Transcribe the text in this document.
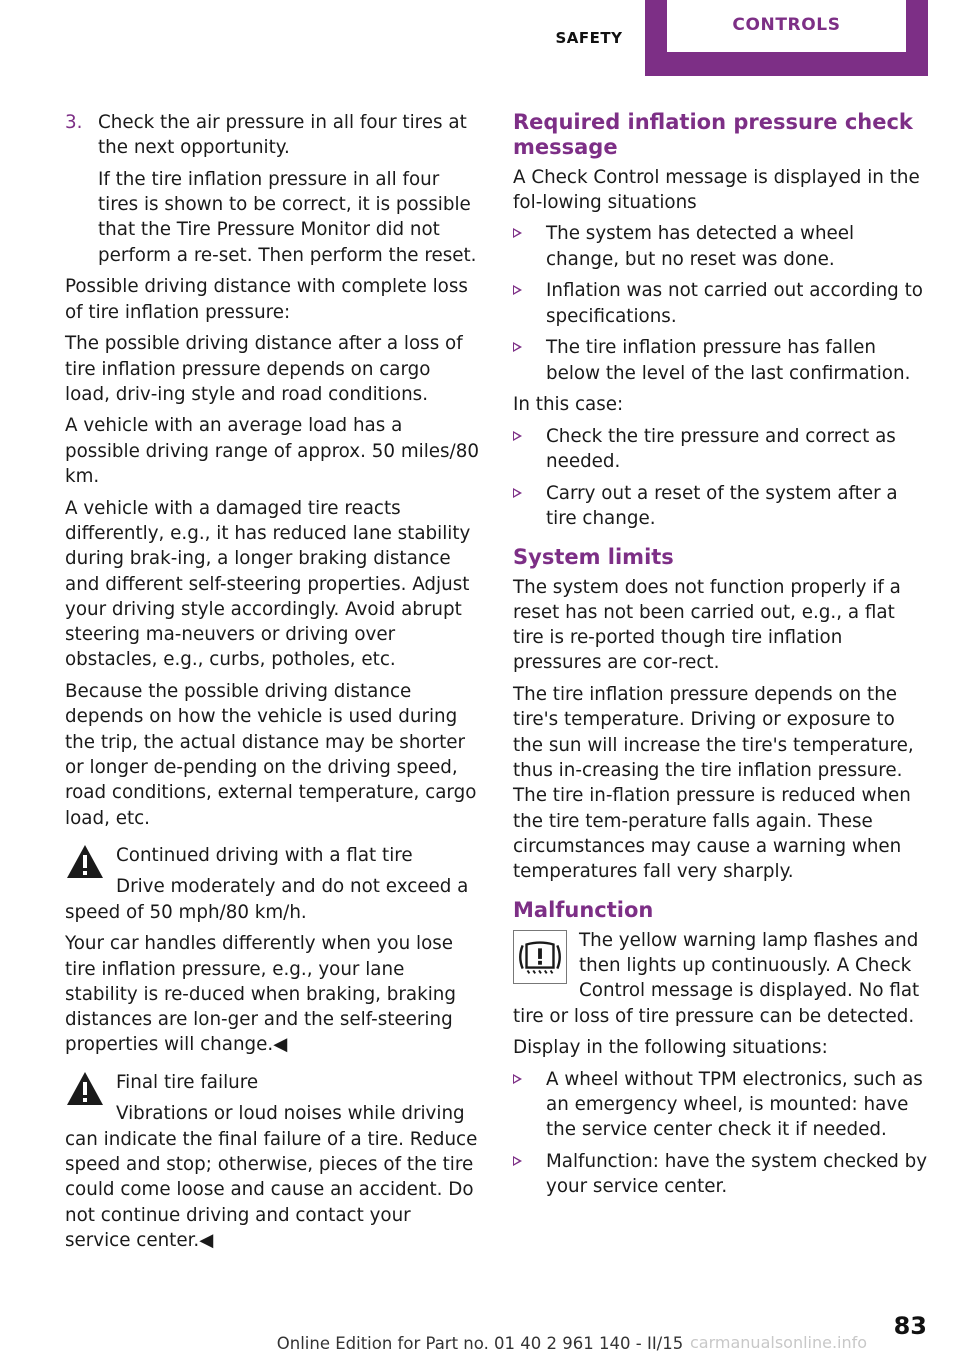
SAFETY
CONTROLS
3. Check the air pressure in all four tires at the next opportunity.

If the tire inflation pressure in all four tires is shown to be correct, it is possible that the Tire Pressure Monitor did not perform a re‐set. Then perform the reset.

Possible driving distance with complete loss of tire inflation pressure:

The possible driving distance after a loss of tire inflation pressure depends on cargo load, driv‐ing style and road conditions.

A vehicle with an average load has a possible driving range of approx. 50 miles/80 km.

A vehicle with a damaged tire reacts differently, e.g., it has reduced lane stability during brak‐ing, a longer braking distance and different self-steering properties. Adjust your driving style accordingly. Avoid abrupt steering ma‐neuvers or driving over obstacles, e.g., curbs, potholes, etc.

Because the possible driving distance depends on how the vehicle is used during the trip, the actual distance may be shorter or longer de‐pending on the driving speed, road conditions, external temperature, cargo load, etc.

Continued driving with a flat tire

Drive moderately and do not exceed a speed of 50 mph/80 km/h.

Your car handles differently when you lose tire inflation pressure, e.g., your lane stability is re‐duced when braking, braking distances are lon‐ger and the self-steering properties will change.◀

Final tire failure

Vibrations or loud noises while driving can indicate the final failure of a tire. Reduce speed and stop; otherwise, pieces of the tire could come loose and cause an accident. Do not continue driving and contact your service center.◀

Required inflation pressure check message

A Check Control message is displayed in the fol‐lowing situations

The system has detected a wheel change, but no reset was done.
Inflation was not carried out according to specifications.
The tire inflation pressure has fallen below the level of the last confirmation.

In this case:

Check the tire pressure and correct as needed.
Carry out a reset of the system after a tire change.
System limits

The system does not function properly if a reset has not been carried out, e.g., a flat tire is re‐ported though tire inflation pressures are cor‐rect.

The tire inflation pressure depends on the tire's temperature. Driving or exposure to the sun will increase the tire's temperature, thus in‐creasing the tire inflation pressure. The tire in‐flation pressure is reduced when the tire tem‐perature falls again. These circumstances may cause a warning when temperatures fall very sharply.

Malfunction
The yellow warning lamp flashes and
then lights up continuously. A Check
Control message is displayed. No flat

tire or loss of tire pressure can be detected.

Display in the following situations:

A wheel without TPM electronics, such as an emergency wheel, is mounted: have the service center check it if needed.
Malfunction: have the system checked by your service center.
Online Edition for Part no. 01 40 2 961 140 - II/15
83
carmanualsonline.info
